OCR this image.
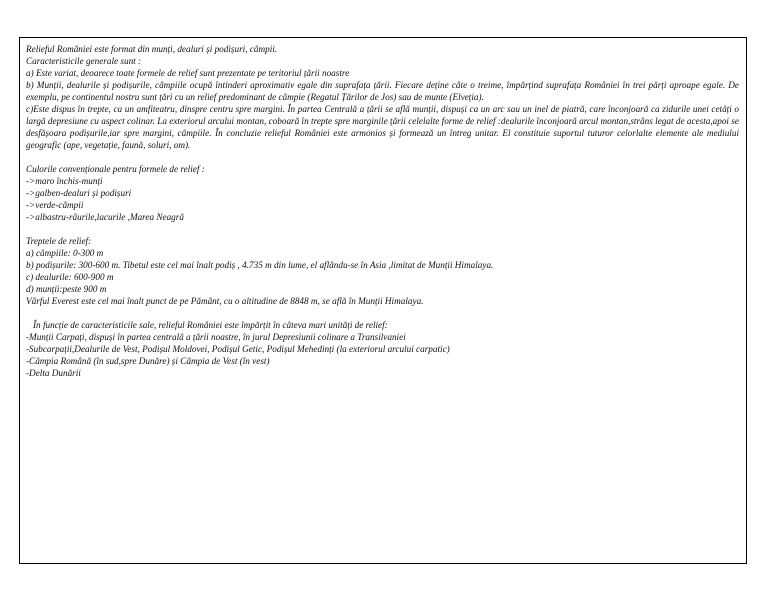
Relieful României este format din munți, dealuri și podișuri, câmpii.
Caracteristicile generale sunt :
a) Este variat, deoarece toate formele de relief sunt prezentate pe teritoriul țării noastre
b) Munții, dealurile și podișurile, câmpiile ocupă întinderi aproximativ egale din suprafața țării. Fiecare deține câte o treime, împărțind suprafața României în trei părți aproape egale. De exemplu, pe continentul nostru sunt țări cu un relief predominant de câmpie (Regatul Țărilor de Jos) sau de munte (Elveția).
c)Este dispus în trepte, ca un amfiteatru, dinspre centru spre margini. În partea Centrală a țării se află munții, dispuși ca un arc sau un inel de piatră, care înconjoară ca zidurile unei cetăți o largă depresiune cu aspect colinar. La exteriorul arcului montan, coboară în trepte spre marginile țării celelalte forme de relief :dealurile înconjoară arcul montan,strâns legat de acesta,apoi se desfășoara podișurile,iar spre margini, câmpiile. În concluzie relieful României este armonios și formează un întreg unitar. El constituie suportul tuturor celorlalte elemente ale mediului geografic (ape, vegetație, faună, soluri, om).
Culorile convenționale pentru formele de relief :
->maro închis-munți
->galben-dealuri și podișuri
->verde-câmpii
->albastru-râurile,lacurile ,Marea Neagră
Treptele de relief:
a) câmpiile: 0-300 m
b) podișurile: 300-600 m. Tibetul este cel mai înalt podiș , 4.735 m din lume, el aflându-se în Asia ,limitat de Munții Himalaya.
c) dealurile: 600-900 m
d) munții:peste 900 m
Vârful Everest este cel mai înalt punct de pe Pământ, cu o altitudine de 8848 m, se află în Munții Himalaya.
În funcție de caracteristicile sale, relieful României este împărțit în câteva mari unități de relief:
-Munții Carpați, dispuși în partea centrală a țării noastre, în jurul Depresiunii colinare a Transilvaniei
-Subcarpații,Dealurile de Vest, Podișul Moldovei, Podișul Getic, Podișul Mehedinți (la exteriorul arcului carpatic)
-Câmpia Română (în sud,spre Dunăre) și Câmpia de Vest (în vest)
-Delta Dunării
